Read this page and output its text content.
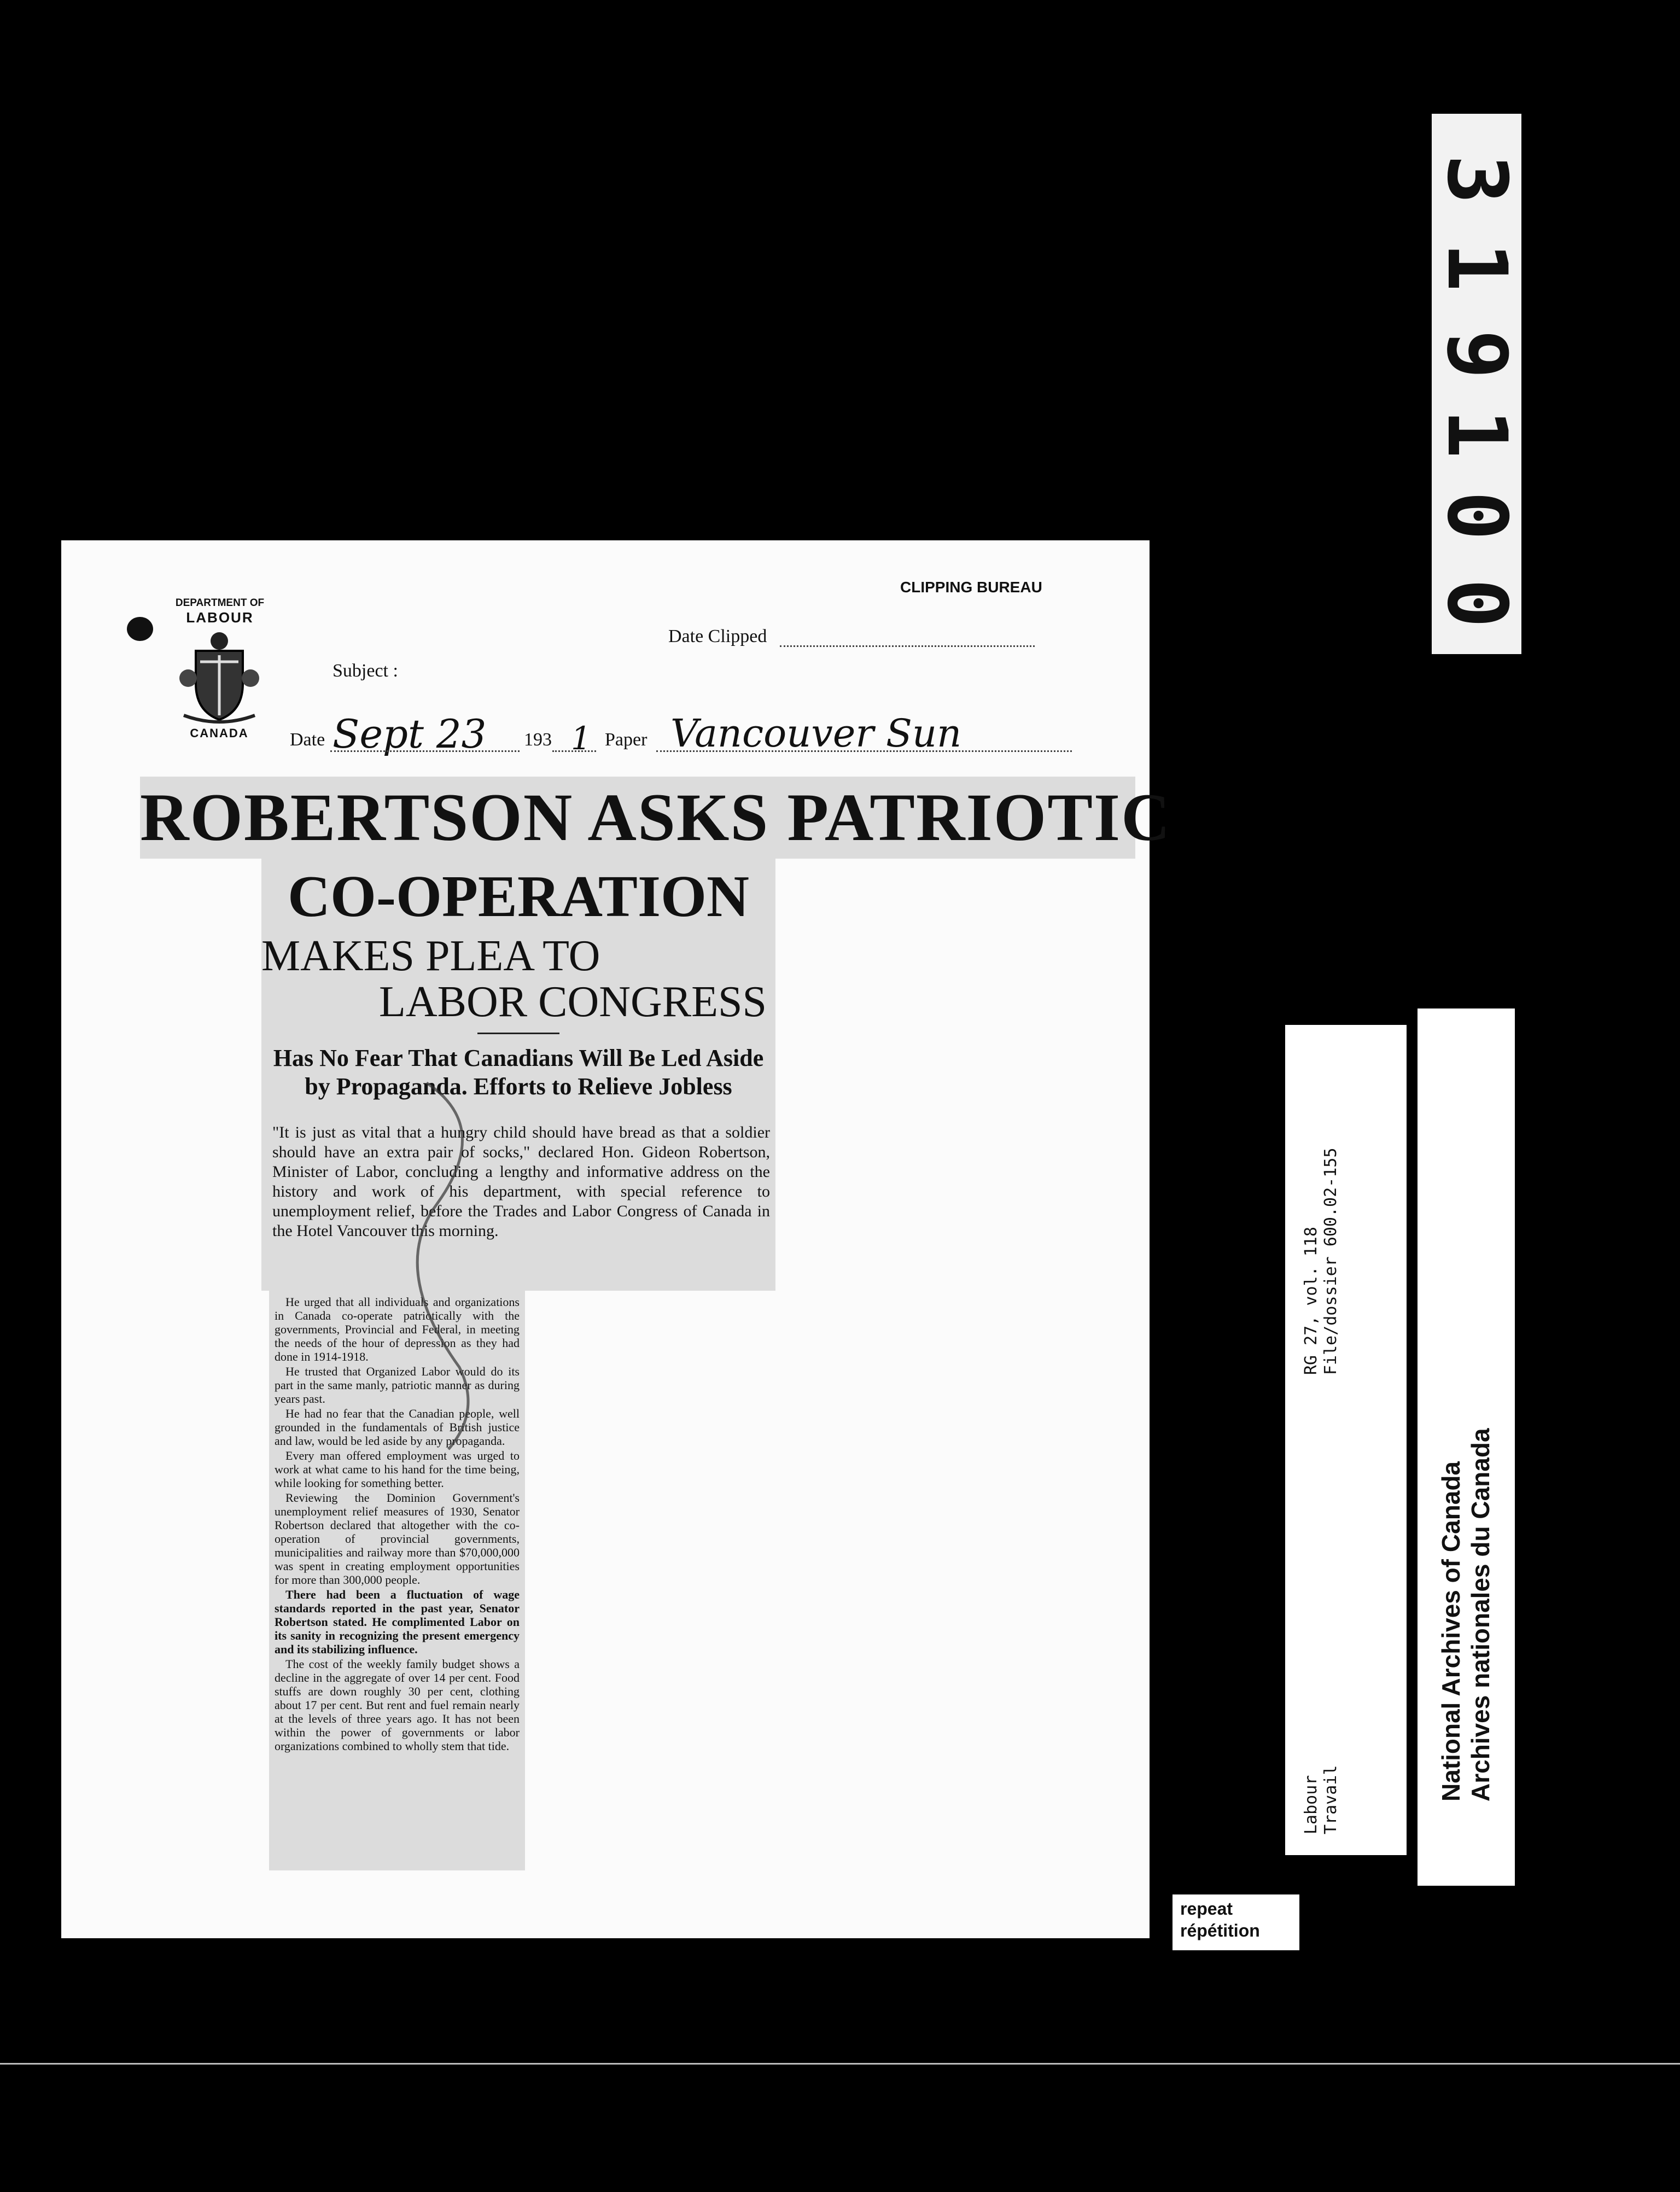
DEPARTMENT OF
LABOUR
CANADA
CLIPPING BUREAU
Date Clipped
Subject :
Date Sept 23 193 1 Paper Vancouver Sun
ROBERTSON ASKS PATRIOTIC
CO-OPERATION
MAKES PLEA TO
LABOR CONGRESS
Has No Fear That Canadians Will Be Led Aside by Propaganda. Efforts to Relieve Jobless
"It is just as vital that a hungry child should have bread as that a soldier should have an extra pair of socks," declared Hon. Gideon Robertson, Minister of Labor, concluding a lengthy and informative address on the history and work of his department, with special reference to unemployment relief, before the Trades and Labor Congress of Canada in the Hotel Vancouver this morning.

He urged that all individuals and organizations in Canada co-operate patriotically with the governments, Provincial and Federal, in meeting the needs of the hour of depression as they had done in 1914-1918.

He trusted that Organized Labor would do its part in the same manly, patriotic manner as during years past.

He had no fear that the Canadian people, well grounded in the fundamentals of British justice and law, would be led aside by any propaganda.

Every man offered employment was urged to work at what came to his hand for the time being, while looking for something better.

Reviewing the Dominion Government's unemployment relief measures of 1930, Senator Robertson declared that altogether with the co-operation of provincial governments, municipalities and railway more than $70,000,000 was spent in creating employment opportunities for more than 300,000 people.

There had been a fluctuation of wage standards reported in the past year, Senator Robertson stated. He complimented Labor on its sanity in recognizing the present emergency and its stabilizing influence.

The cost of the weekly family budget shows a decline in the aggregate of over 14 per cent. Food stuffs are down roughly 30 per cent, clothing about 17 per cent. But rent and fuel remain nearly at the levels of three years ago. It has not been within the power of governments or labor organizations combined to wholly stem that tide.

0
0
1
9
1
3
RG 27, vol. 118 File/dossier 600.02-155
Labour Travail	National Archives of Canada Archives nationales du Canada
repeat
répétition
